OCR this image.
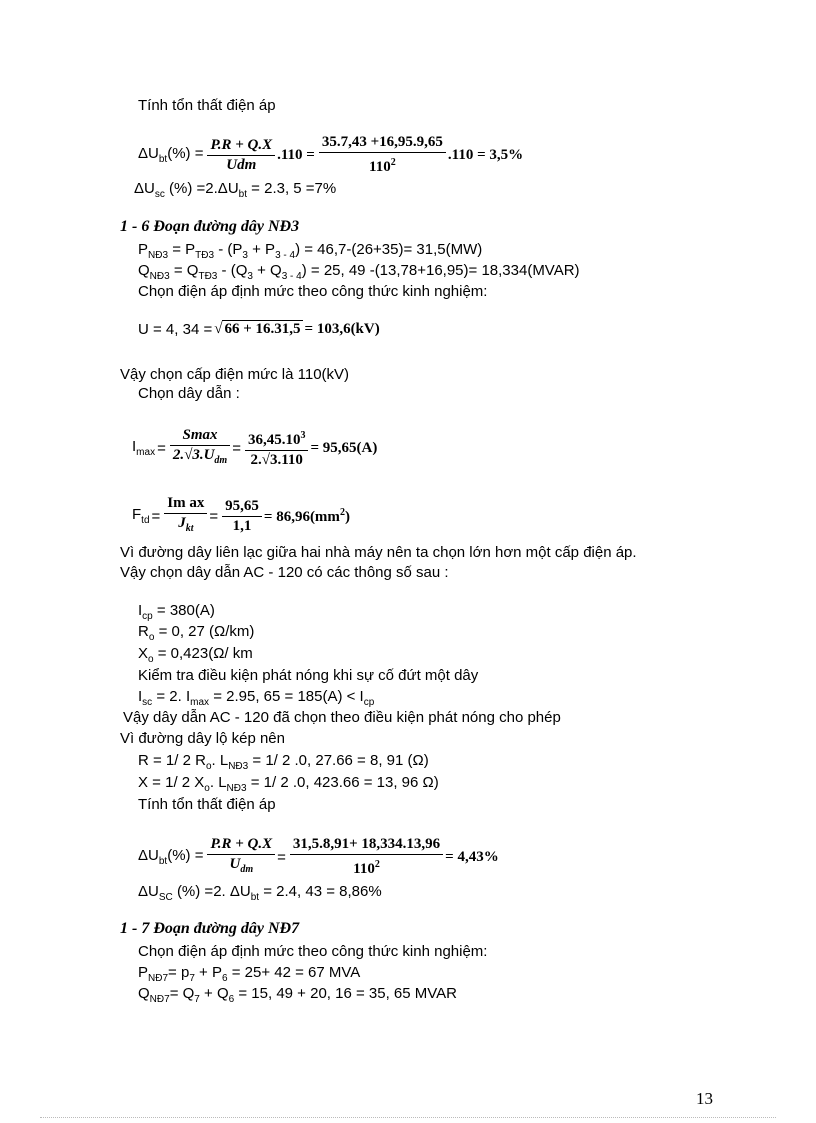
Tính tổn thất điện áp
$\Delta U_{bt}(\%) = \frac{P.R + Q.X}{\text{Udm}} .110 = \frac{35.7,43 +16,95.9,65}{110^2} .110 = 3,5\%$
$\Delta U_{sc}$ (%) $=2.\Delta U_{bt} = 2.3$, 5 =7%
1 - 6 Đoạn đường dây NĐ3
$P_{NĐ3} = P_{TĐ3} - (P_3 + P_{3 - 4}) = 46,7-(26+35)= 31,5(MW)$
$Q_{NĐ3} = Q_{TĐ3} - (Q_3 + Q_{3 - 4}) = 25$, 49 -(13,78+16,95)= 18,334(MVAR)
Chọn điện áp định mức theo công thức kinh nghiệm:
U = 4, 34 = √ 66 + 16.31,5 = 103,6(kV)
Vậy chọn cấp điện mức là 110(kV)
Chọn dây dẫn :
$I_{max} = \frac{Smax}{2.√3.U_{dm}} = \frac{36,45.10^3}{2.√3.110} = 95,65(A)$
$F_{td} = \frac{\text{Im ax}}{J_{kt}} = \frac{95,65}{1,1} = 86,96(mm^2)$
Vì đường dây liên lạc giữa hai nhà máy nên ta chọn lớn hơn một cấp điện áp.
Vậy chọn dây dẫn AC - 120 có các thông số sau :
$I_{cp} = 380(A)$
$R_o = 0$, 27 (Ω/km)
$X_o = 0,423(\Omega/$ km
Kiểm tra điều kiện phát nóng khi sự cố đứt một dây
$I_{sc} = 2$. $I_{max} = 2.95$, $65 = 185(A) < I_{cp}$
Vậy dây dẫn AC - 120 đã chọn theo điều kiện phát nóng cho phép
Vì đường dây lộ kép nên
R = 1/ 2 $R_o$. $L_{NĐ3} = 1/$ 2 .0, 27.66 = 8, 91 (Ω)
X = 1/ 2 $X_o$. $L_{NĐ3} = 1/$ 2 .0, 423.66 = 13, 96 Ω)
Tính tổn thất điện áp
$\Delta U_{bt}(\%) = \frac{P.R + Q.X}{U_{dm}} = \frac{31,5.8,91+ 18,334.13,96}{110^2} = 4,43\%$
$\Delta U_{SC}$ (%) =2. $\Delta U_{bt} = 2.4$, 43 = 8,86%
1 - 7 Đoạn đường dây NĐ7
Chọn điện áp định mức theo công thức kinh nghiệm:
$P_{NĐ7}= p_7 + P_6 = 25+ 42 = 67$ MVA
$Q_{NĐ7}= Q_7 + Q_6 = 15$, 49 + 20, 16 = 35, 65 MVAR
13
